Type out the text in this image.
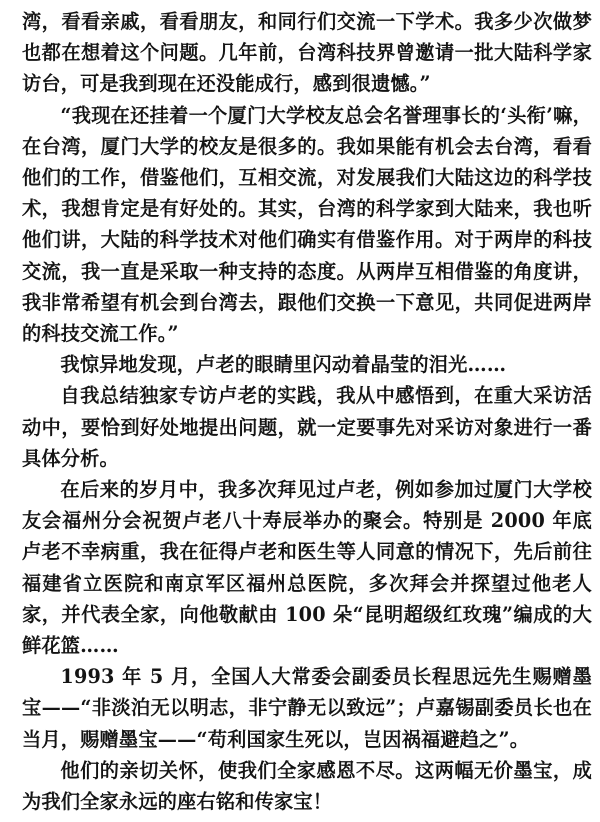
湾，看看亲戚，看看朋友，和同行们交流一下学术。我多少次做梦也都在想着这个问题。几年前，台湾科技界曾邀请一批大陆科学家访台，可是我到现在还没能成行，感到很遗憾。”

“我现在还挂着一个厦门大学校友总会名誉理事长的‘头衔’嘛，在台湾，厦门大学的校友是很多的。我如果能有机会去台湾，看看他们的工作，借鉴他们，互相交流，对发展我们大陆这边的科学技术，我想肯定是有好处的。其实，台湾的科学家到大陆来，我也听他们讲，大陆的科学技术对他们确实有借鉴作用。对于两岸的科技交流，我一直是采取一种支持的态度。从两岸互相借鉴的角度讲，我非常希望有机会到台湾去，跟他们交换一下意见，共同促进两岸的科技交流工作。”

我惊异地发现，卢老的眼睛里闪动着晶莹的泪光……

自我总结独家专访卢老的实践，我从中感悟到，在重大采访活动中，要恰到好处地提出问题，就一定要事先对采访对象进行一番具体分析。

在后来的岁月中，我多次拜见过卢老，例如参加过厦门大学校友会福州分会祝贺卢老八十寿辰举办的聚会。特别是 2000 年底卢老不幸病重，我在征得卢老和医生等人同意的情况下，先后前往福建省立医院和南京军区福州总医院，多次拜会并探望过他老人家，并代表全家，向他敬献由 100 朵“昆明超级红玫瑰”编成的大鲜花篮……

1993 年 5 月，全国人大常委会副委员长程思远先生赐赠墨宝——“非淡泊无以明志，非宁静无以致远”；卢嘉锡副委员长也在当月，赐赠墨宝——“苟利国家生死以，岂因祸福避趋之”。

他们的亲切关怀，使我们全家感恩不尽。这两幅无价墨宝，成为我们全家永远的座右铭和传家宝！
